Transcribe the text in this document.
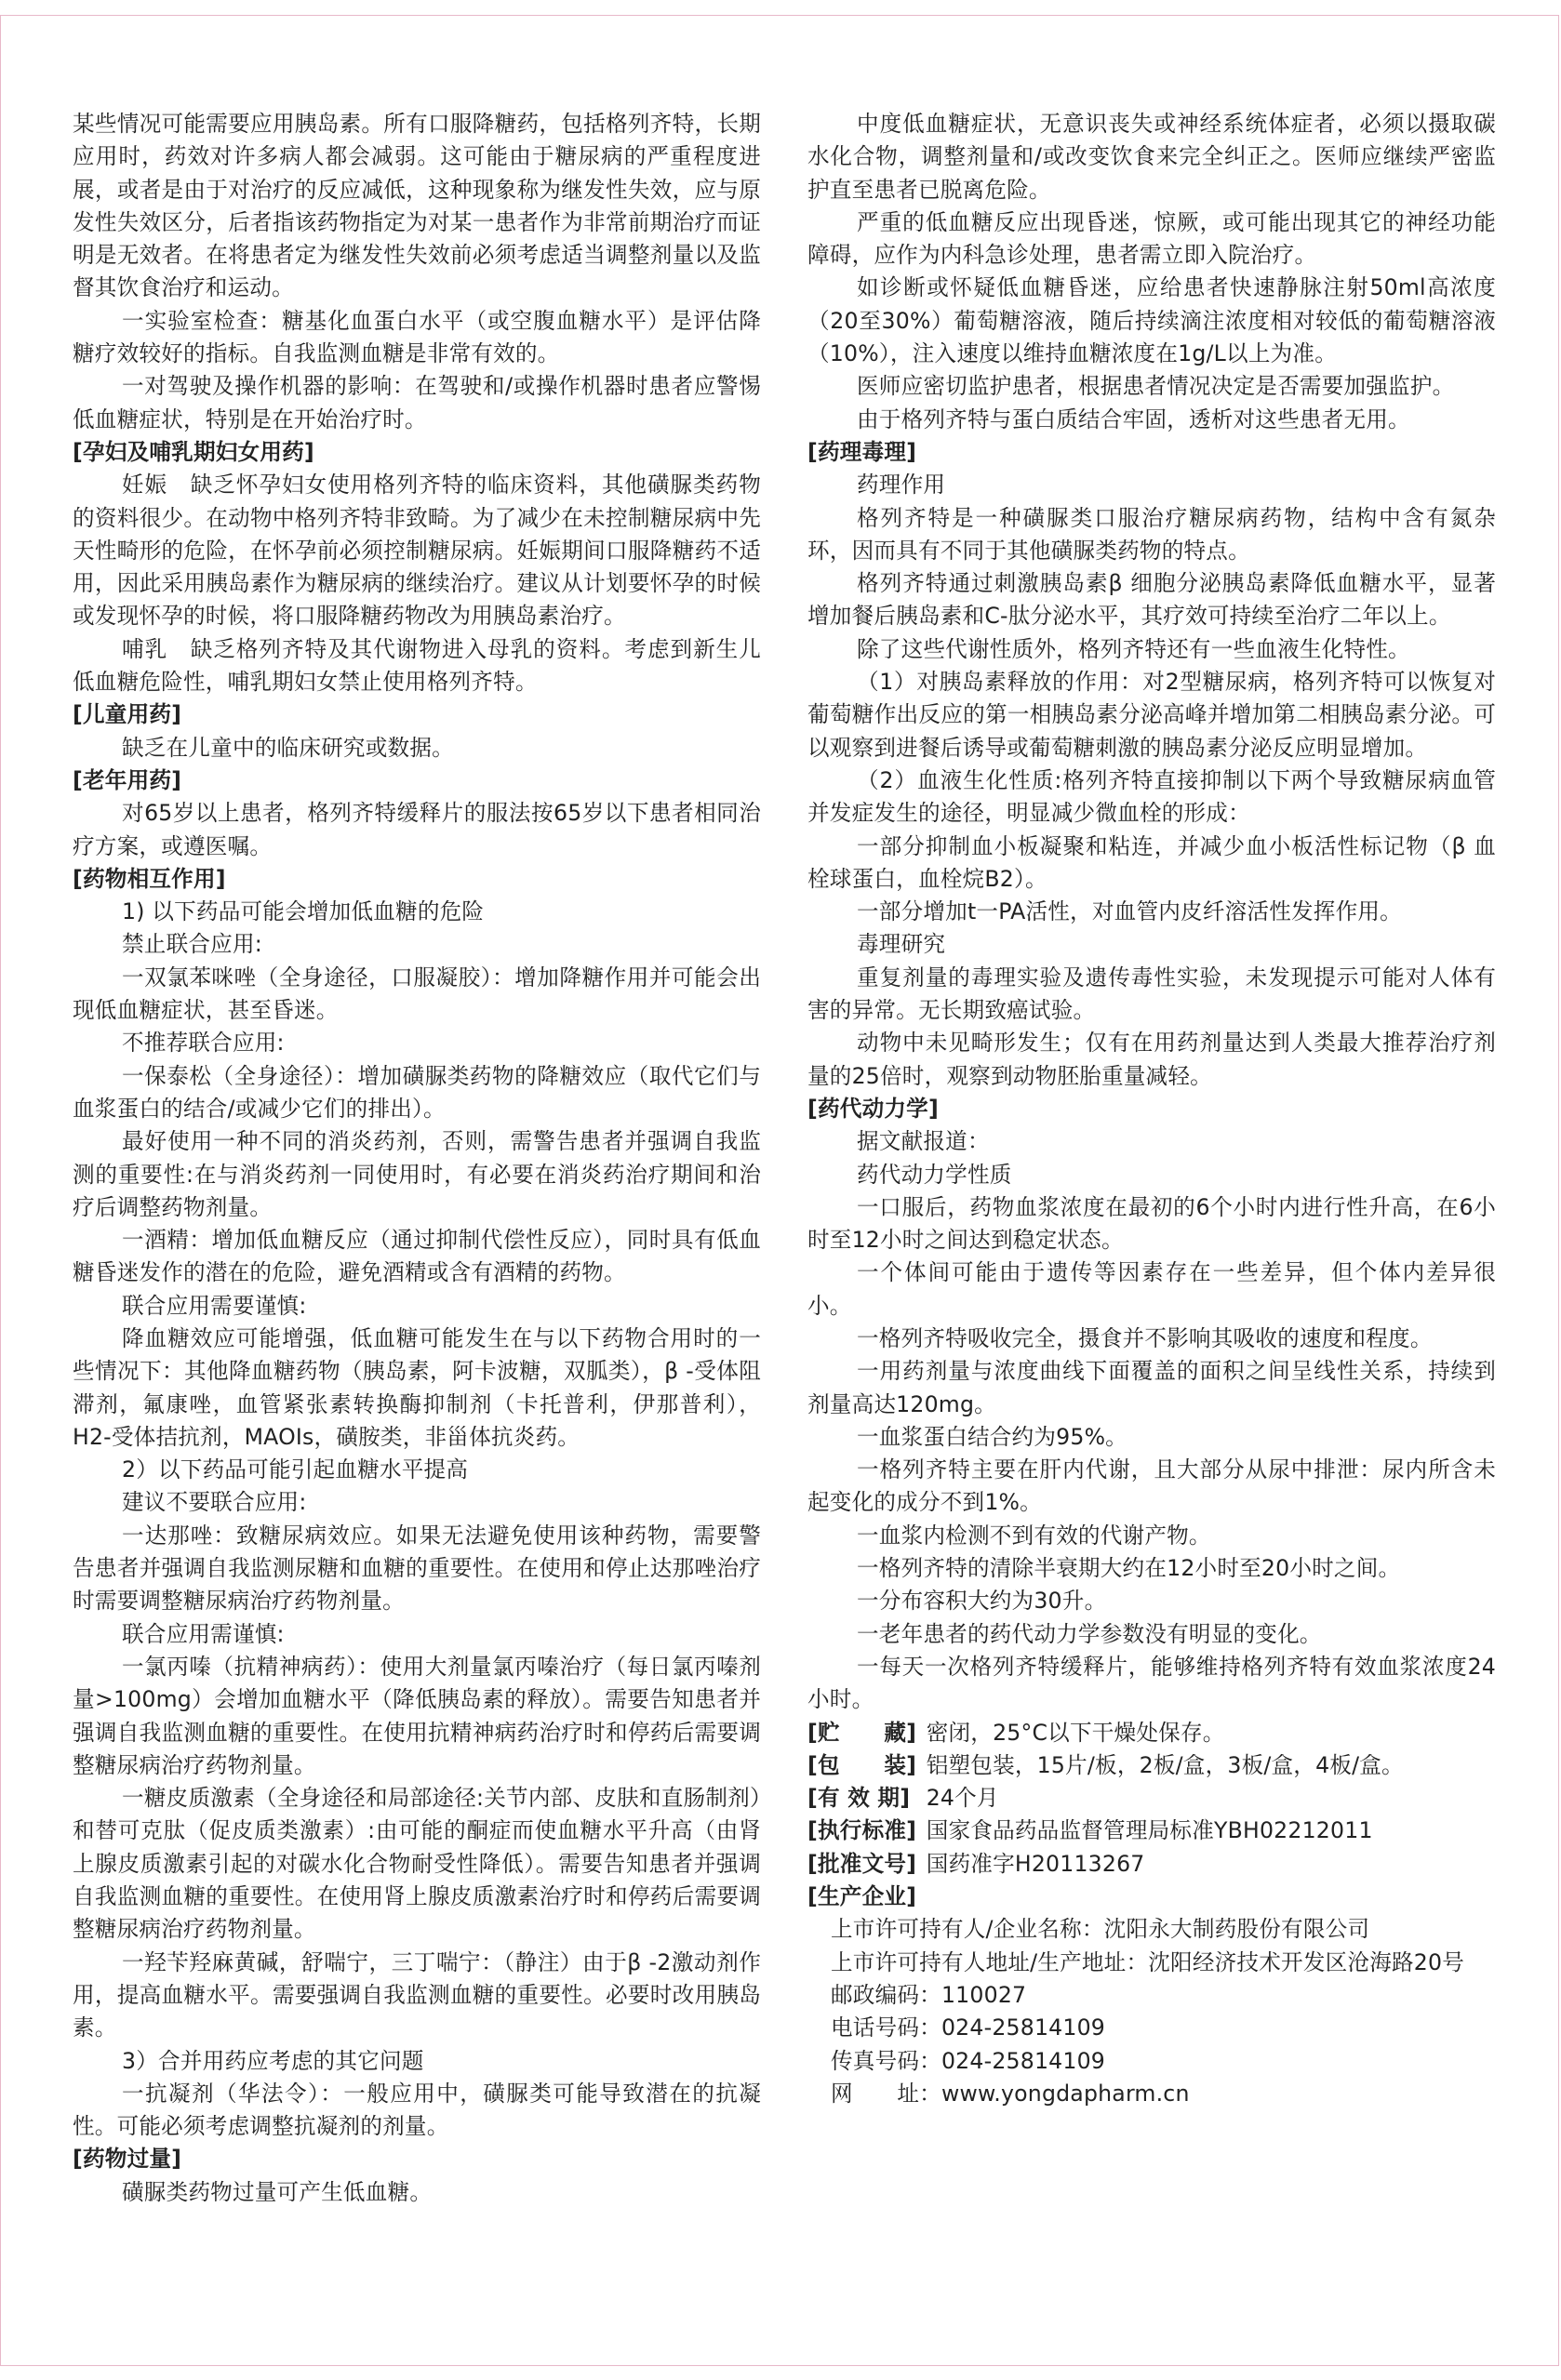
某些情况可能需要应用胰岛素。所有口服降糖药，包括格列齐特，长期应用时，药效对许多病人都会减弱。这可能由于糖尿病的严重程度进展，或者是由于对治疗的反应减低，这种现象称为继发性失效，应与原发性失效区分，后者指该药物指定为对某一患者作为非常前期治疗而证明是无效者。在将患者定为继发性失效前必须考虑适当调整剂量以及监督其饮食治疗和运动。

一实验室检查：糖基化血蛋白水平（或空腹血糖水平）是评估降糖疗效较好的指标。自我监测血糖是非常有效的。

一对驾驶及操作机器的影响：在驾驶和/或操作机器时患者应警惕低血糖症状，特别是在开始治疗时。

[孕妇及哺乳期妇女用药]

妊娠　缺乏怀孕妇女使用格列齐特的临床资料，其他磺脲类药物的资料很少。在动物中格列齐特非致畸。为了减少在未控制糖尿病中先天性畸形的危险，在怀孕前必须控制糖尿病。妊娠期间口服降糖药不适用，因此采用胰岛素作为糖尿病的继续治疗。建议从计划要怀孕的时候或发现怀孕的时候，将口服降糖药物改为用胰岛素治疗。

哺乳　缺乏格列齐特及其代谢物进入母乳的资料。考虑到新生儿低血糖危险性，哺乳期妇女禁止使用格列齐特。

[儿童用药]

缺乏在儿童中的临床研究或数据。

[老年用药]

对65岁以上患者，格列齐特缓释片的服法按65岁以下患者相同治疗方案，或遵医嘱。

[药物相互作用]

1) 以下药品可能会增加低血糖的危险

禁止联合应用:

一双氯苯咪唑（全身途径，口服凝胶）：增加降糖作用并可能会出现低血糖症状，甚至昏迷。

不推荐联合应用:

一保泰松（全身途径）：增加磺脲类药物的降糖效应（取代它们与血浆蛋白的结合/或减少它们的排出）。

最好使用一种不同的消炎药剂，否则，需警告患者并强调自我监测的重要性:在与消炎药剂一同使用时，有必要在消炎药治疗期间和治疗后调整药物剂量。

一酒精：增加低血糖反应（通过抑制代偿性反应），同时具有低血糖昏迷发作的潜在的危险，避免酒精或含有酒精的药物。

联合应用需要谨慎:

降血糖效应可能增强，低血糖可能发生在与以下药物合用时的一些情况下：其他降血糖药物（胰岛素，阿卡波糖，双胍类），β -受体阻滞剂，氟康唑，血管紧张素转换酶抑制剂（卡托普利，伊那普利），H2-受体拮抗剂，MAOIs，磺胺类，非甾体抗炎药。

2）以下药品可能引起血糖水平提高

建议不要联合应用:

一达那唑：致糖尿病效应。如果无法避免使用该种药物，需要警告患者并强调自我监测尿糖和血糖的重要性。在使用和停止达那唑治疗时需要调整糖尿病治疗药物剂量。

联合应用需谨慎:

一氯丙嗪（抗精神病药）：使用大剂量氯丙嗪治疗（每日氯丙嗪剂量>100mg）会增加血糖水平（降低胰岛素的释放）。需要告知患者并强调自我监测血糖的重要性。在使用抗精神病药治疗时和停药后需要调整糖尿病治疗药物剂量。

一糖皮质激素（全身途径和局部途径:关节内部、皮肤和直肠制剂）和替可克肽（促皮质类激素）:由可能的酮症而使血糖水平升高（由肾上腺皮质激素引起的对碳水化合物耐受性降低）。需要告知患者并强调自我监测血糖的重要性。在使用肾上腺皮质激素治疗时和停药后需要调整糖尿病治疗药物剂量。

一羟苄羟麻黄碱，舒喘宁，三丁喘宁：（静注）由于β -2激动剂作用，提高血糖水平。需要强调自我监测血糖的重要性。必要时改用胰岛素。

3）合并用药应考虑的其它问题

一抗凝剂（华法令）：一般应用中，磺脲类可能导致潜在的抗凝性。可能必须考虑调整抗凝剂的剂量。

[药物过量]

磺脲类药物过量可产生低血糖。

中度低血糖症状，无意识丧失或神经系统体症者，必须以摄取碳水化合物，调整剂量和/或改变饮食来完全纠正之。医师应继续严密监护直至患者已脱离危险。

严重的低血糖反应出现昏迷，惊厥，或可能出现其它的神经功能障碍，应作为内科急诊处理，患者需立即入院治疗。

如诊断或怀疑低血糖昏迷，应给患者快速静脉注射50ml高浓度（20至30%）葡萄糖溶液，随后持续滴注浓度相对较低的葡萄糖溶液（10%），注入速度以维持血糖浓度在1g/L以上为准。

医师应密切监护患者，根据患者情况决定是否需要加强监护。

由于格列齐特与蛋白质结合牢固，透析对这些患者无用。

[药理毒理]

药理作用

格列齐特是一种磺脲类口服治疗糖尿病药物，结构中含有氮杂环，因而具有不同于其他磺脲类药物的特点。

格列齐特通过刺激胰岛素β 细胞分泌胰岛素降低血糖水平，显著增加餐后胰岛素和C-肽分泌水平，其疗效可持续至治疗二年以上。

除了这些代谢性质外，格列齐特还有一些血液生化特性。

（1）对胰岛素释放的作用：对2型糖尿病，格列齐特可以恢复对葡萄糖作出反应的第一相胰岛素分泌高峰并增加第二相胰岛素分泌。可以观察到进餐后诱导或葡萄糖刺激的胰岛素分泌反应明显增加。

（2）血液生化性质:格列齐特直接抑制以下两个导致糖尿病血管并发症发生的途径，明显减少微血栓的形成：

一部分抑制血小板凝聚和粘连，并减少血小板活性标记物（β 血栓球蛋白，血栓烷B2）。

一部分增加t一PA活性，对血管内皮纤溶活性发挥作用。

毒理研究

重复剂量的毒理实验及遗传毒性实验，未发现提示可能对人体有害的异常。无长期致癌试验。

动物中未见畸形发生；仅有在用药剂量达到人类最大推荐治疗剂量的25倍时，观察到动物胚胎重量减轻。

[药代动力学]

据文献报道：

药代动力学性质

一口服后，药物血浆浓度在最初的6个小时内进行性升高，在6小时至12小时之间达到稳定状态。

一个体间可能由于遗传等因素存在一些差异，但个体内差异很小。

一格列齐特吸收完全，摄食并不影响其吸收的速度和程度。

一用药剂量与浓度曲线下面覆盖的面积之间呈线性关系，持续到剂量高达120mg。

一血浆蛋白结合约为95%。

一格列齐特主要在肝内代谢，且大部分从尿中排泄：尿内所含未起变化的成分不到1%。

一血浆内检测不到有效的代谢产物。

一格列齐特的清除半衰期大约在12小时至20小时之间。

一分布容积大约为30升。

一老年患者的药代动力学参数没有明显的变化。

一每天一次格列齐特缓释片，能够维持格列齐特有效血浆浓度24小时。

[贮　　藏] 密闭，25°C以下干燥处保存。

[包　　装] 铝塑包装，15片/板，2板/盒，3板/盒，4板/盒。

[有 效 期] 24个月

[执行标准] 国家食品药品监督管理局标准YBH02212011

[批准文号] 国药准字H20113267

[生产企业]

上市许可持有人/企业名称：沈阳永大制药股份有限公司

上市许可持有人地址/生产地址：沈阳经济技术开发区沧海路20号

邮政编码：110027

电话号码：024-25814109

传真号码：024-25814109

网　　址：www.yongdapharm.cn
